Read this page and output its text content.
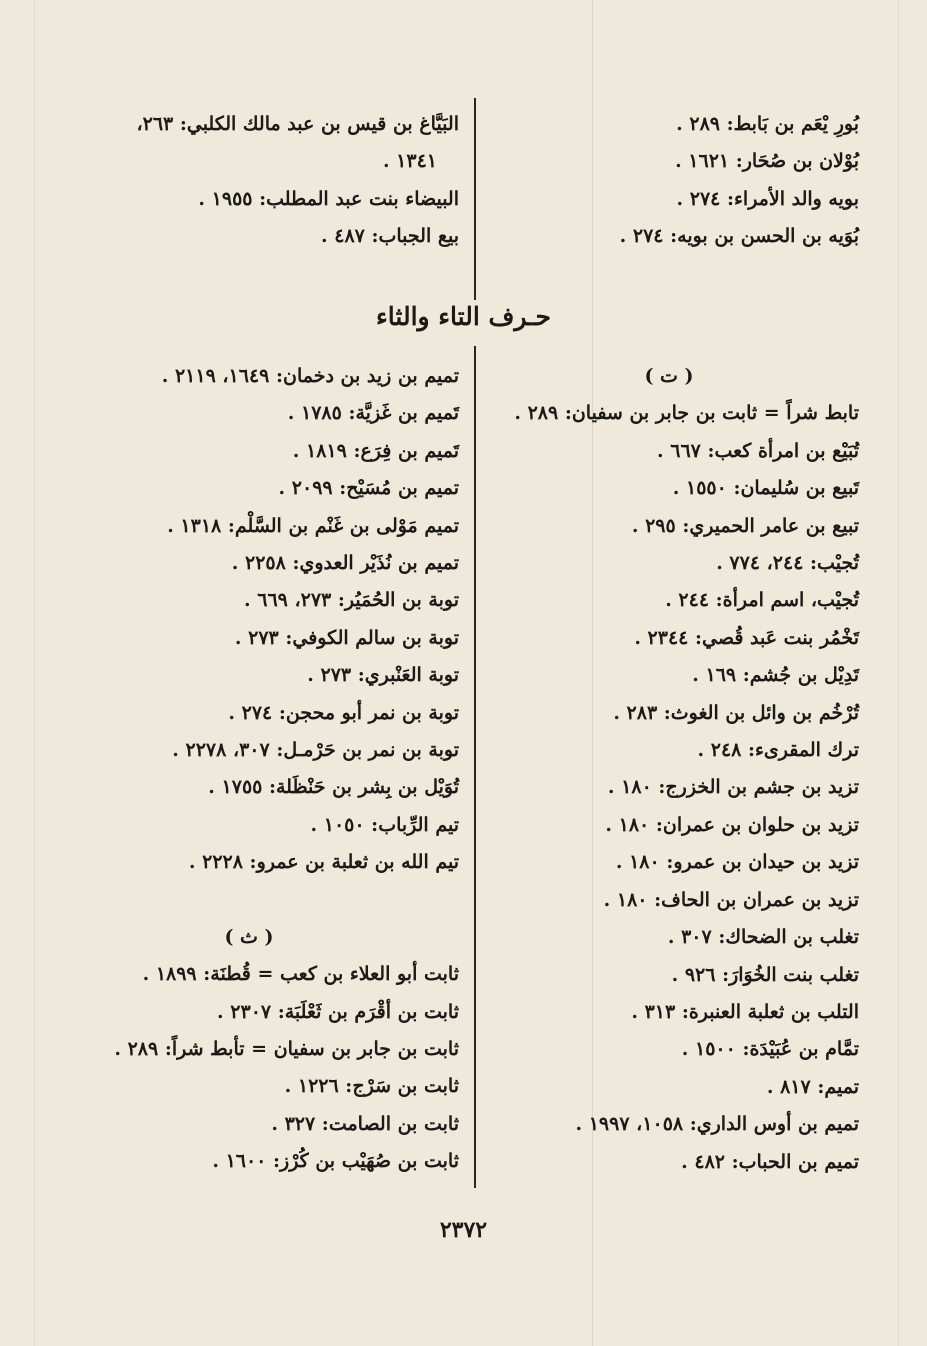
بُورِ يْعَم بن بَابط: ٢٨٩ .
بُوْلان بن صُحَار: ١٦٢١ .
بويه والد الأمراء: ٢٧٤ .
بُوَيه بن الحسن بن بويه: ٢٧٤ .
البَيَّاغ بن قيس بن عبد مالك الكلبي: ٢٦٣،
١٣٤١ .
البيضاء بنت عبد المطلب: ١٩٥٥ .
بيع الجباب: ٤٨٧ .
حـرف التاء والثاء
( ت )
تابط شراً = ثابت بن جابر بن سفيان: ٢٨٩ .
تُبَيْع بن امرأة كعب: ٦٦٧ .
تَبيع بن سُليمان: ١٥٥٠ .
تبيع بن عامر الحميري: ٢٩٥ .
تُجيْب: ٢٤٤، ٧٧٤ .
تُجيْب، اسم امرأة: ٢٤٤ .
تَخْمُر بنت عَبد قُصي: ٢٣٤٤ .
تَدِيْل بن جُشم: ١٦٩ .
تُرْخُم بن وائل بن الغوث: ٢٨٣ .
ترك المقرىء: ٢٤٨ .
تزيد بن جشم بن الخزرج: ١٨٠ .
تزيد بن حلوان بن عمران: ١٨٠ .
تزيد بن حيدان بن عمرو: ١٨٠ .
تزيد بن عمران بن الحاف: ١٨٠ .
تغلب بن الضحاك: ٣٠٧ .
تغلب بنت الخُوَارَ: ٩٢٦ .
التلب بن ثعلبة العنبرة: ٣١٣ .
تمَّام بن عُبَيْدَة: ١٥٠٠ .
تميم: ٨١٧ .
تميم بن أوس الداري: ١٠٥٨، ١٩٩٧ .
تميم بن الحباب: ٤٨٢ .
تميم بن زيد بن دخمان: ١٦٤٩، ٢١١٩ .
تَميم بن غَزيَّة: ١٧٨٥ .
تَميم بن فِرَع: ١٨١٩ .
تميم بن مُسَيْح: ٢٠٩٩ .
تميم مَوْلى بن غَنْم بن السَّلْم: ١٣١٨ .
تميم بن نُذَيْر العدوي: ٢٢٥٨ .
توبة بن الحُمَيُر: ٢٧٣، ٦٦٩ .
توبة بن سالم الكوفي: ٢٧٣ .
توبة العَنْبري: ٢٧٣ .
توبة بن نمر أبو محجن: ٢٧٤ .
توبة بن نمر بن حَرْمـل: ٣٠٧، ٢٢٧٨ .
تُوَيْل بن بِشر بن حَنْظَلة: ١٧٥٥ .
تيم الرِّباب: ١٠٥٠ .
تيم الله بن ثعلبة بن عمرو: ٢٢٢٨ .
( ث )
ثابت أبو العلاء بن كعب = قُطنَة: ١٨٩٩ .
ثابت بن أقْرَم بن ثَعْلَبَة: ٢٣٠٧ .
ثابت بن جابر بن سفيان = تأبط شراً: ٢٨٩ .
ثابت بن سَرْج: ١٢٢٦ .
ثابت بن الصامت: ٣٢٧ .
ثابت بن صُهَيْب بن كُرْز: ١٦٠٠ .
٢٣٧٢
